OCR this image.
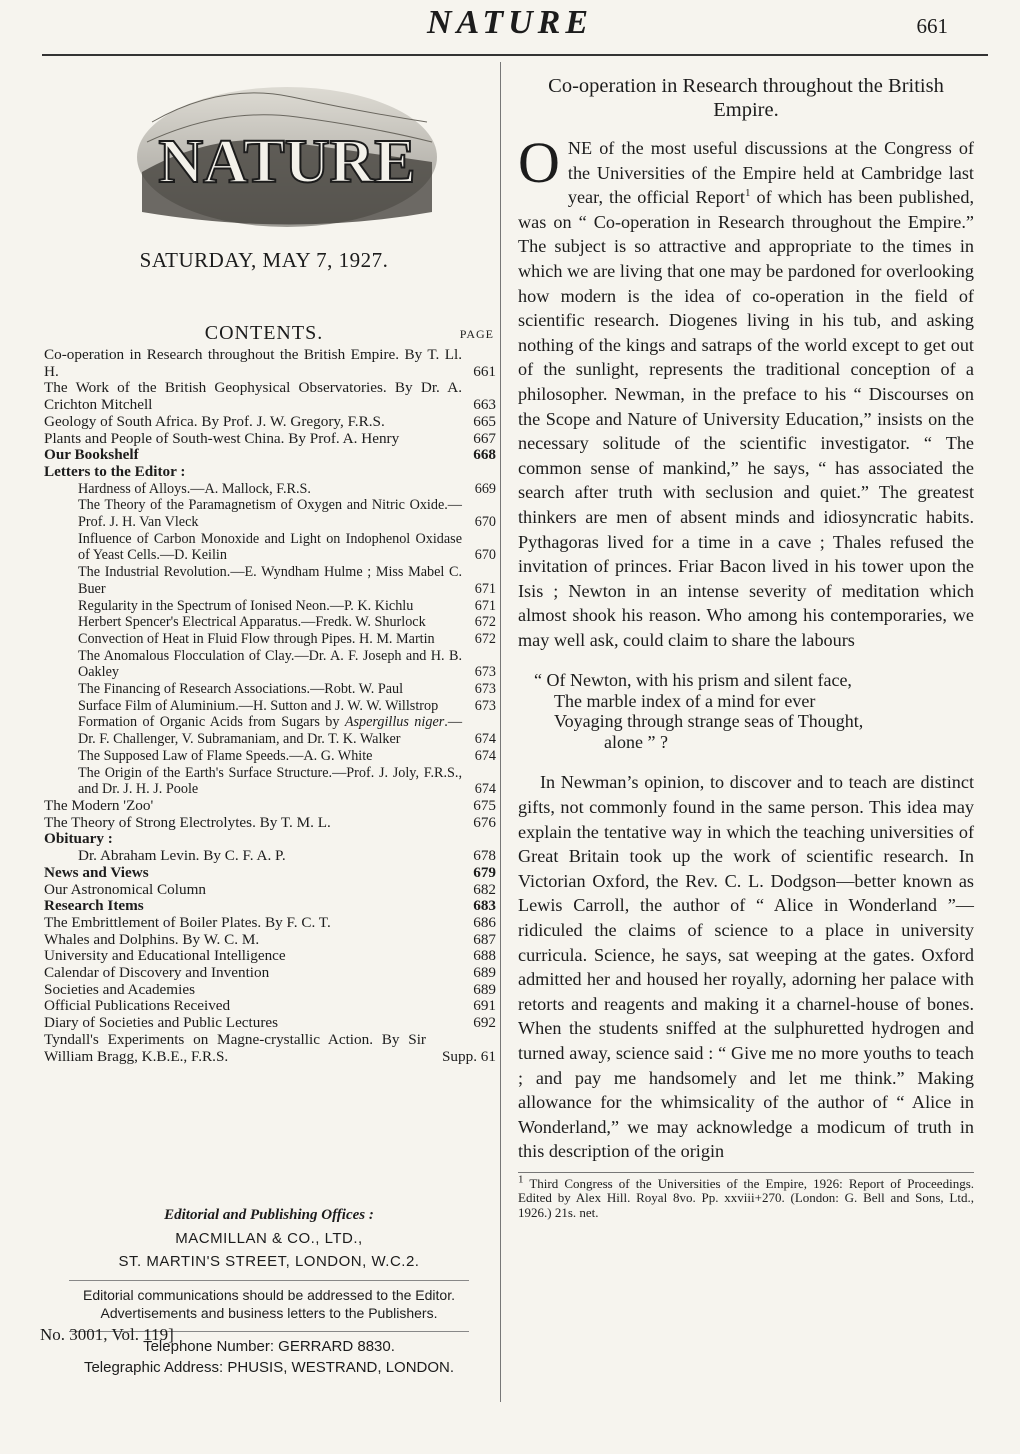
NATURE	661
NATURE
SATURDAY, MAY 7, 1927.
CONTENTS.	PAGE
Co-operation in Research throughout the British Empire. By T. Ll. H.	661
The Work of the British Geophysical Observatories. By Dr. A. Crichton Mitchell	663
Geology of South Africa. By Prof. J. W. Gregory, F.R.S.	665
Plants and People of South-west China. By Prof. A. Henry	667
Our Bookshelf	668
Letters to the Editor :
Hardness of Alloys.—A. Mallock, F.R.S.	669
The Theory of the Paramagnetism of Oxygen and Nitric Oxide.—Prof. J. H. Van Vleck	670
Influence of Carbon Monoxide and Light on Indophenol Oxidase of Yeast Cells.—D. Keilin	670
The Industrial Revolution.—E. Wyndham Hulme ; Miss Mabel C. Buer	671
Regularity in the Spectrum of Ionised Neon.—P. K. Kichlu	671
Herbert Spencer's Electrical Apparatus.—Fredk. W. Shurlock	672
Convection of Heat in Fluid Flow through Pipes. H. M. Martin	672
The Anomalous Flocculation of Clay.—Dr. A. F. Joseph and H. B. Oakley	673
The Financing of Research Associations.—Robt. W. Paul	673
Surface Film of Aluminium.—H. Sutton and J. W. W. Willstrop	673
Formation of Organic Acids from Sugars by Aspergillus niger.—Dr. F. Challenger, V. Subramaniam, and Dr. T. K. Walker	674
The Supposed Law of Flame Speeds.—A. G. White	674
The Origin of the Earth's Surface Structure.—Prof. J. Joly, F.R.S., and Dr. J. H. J. Poole	674
The Modern 'Zoo'	675
The Theory of Strong Electrolytes. By T. M. L.	676
Obituary :
Dr. Abraham Levin. By C. F. A. P.	678
News and Views	679
Our Astronomical Column	682
Research Items	683
The Embrittlement of Boiler Plates. By F. C. T.	686
Whales and Dolphins. By W. C. M.	687
University and Educational Intelligence	688
Calendar of Discovery and Invention	689
Societies and Academies	689
Official Publications Received	691
Diary of Societies and Public Lectures	692
Tyndall's Experiments on Magne-crystallic Action. By Sir William Bragg, K.B.E., F.R.S.	Supp. 61
Editorial and Publishing Offices :
MACMILLAN & CO., LTD.,
ST. MARTIN'S STREET, LONDON, W.C.2.
Editorial communications should be addressed to the Editor.
Advertisements and business letters to the Publishers.
Telephone Number: GERRARD 8830.
Telegraphic Address: PHUSIS, WESTRAND, LONDON.
No. 3001, Vol. 119]
Co-operation in Research throughout the British Empire.
ONE of the most useful discussions at the Congress of the Universities of the Empire held at Cambridge last year, the official Report$^1$ of which has been published, was on “ Co-operation in Research throughout the Empire.” The subject is so attractive and appropriate to the times in which we are living that one may be pardoned for overlooking how modern is the idea of co-operation in the field of scientific research. Diogenes living in his tub, and asking nothing of the kings and satraps of the world except to get out of the sunlight, represents the traditional conception of a philosopher. Newman, in the preface to his “ Discourses on the Scope and Nature of University Education,” insists on the necessary solitude of the scientific investigator. “ The common sense of mankind,” he says, “ has associated the search after truth with seclusion and quiet.” The greatest thinkers are men of absent minds and idiosyncratic habits. Pythagoras lived for a time in a cave ; Thales refused the invitation of princes. Friar Bacon lived in his tower upon the Isis ; Newton in an intense severity of meditation which almost shook his reason. Who among his contemporaries, we may well ask, could claim to share the labours
“ Of Newton, with his prism and silent face,
The marble index of a mind for ever
Voyaging through strange seas of Thought,
alone ” ?
In Newman’s opinion, to discover and to teach are distinct gifts, not commonly found in the same person. This idea may explain the tentative way in which the teaching universities of Great Britain took up the work of scientific research. In Victorian Oxford, the Rev. C. L. Dodgson—better known as Lewis Carroll, the author of “ Alice in Wonderland ”—ridiculed the claims of science to a place in university curricula. Science, he says, sat weeping at the gates. Oxford admitted her and housed her royally, adorning her palace with retorts and reagents and making it a charnel-house of bones. When the students sniffed at the sulphuretted hydrogen and turned away, science said : “ Give me no more youths to teach ; and pay me handsomely and let me think.” Making allowance for the whimsicality of the author of “ Alice in Wonderland,” we may acknowledge a modicum of truth in this description of the origin
$^1$ Third Congress of the Universities of the Empire, 1926: Report of Proceedings. Edited by Alex Hill. Royal 8vo. Pp. xxviii+270. (London: G. Bell and Sons, Ltd., 1926.) 21s. net.
